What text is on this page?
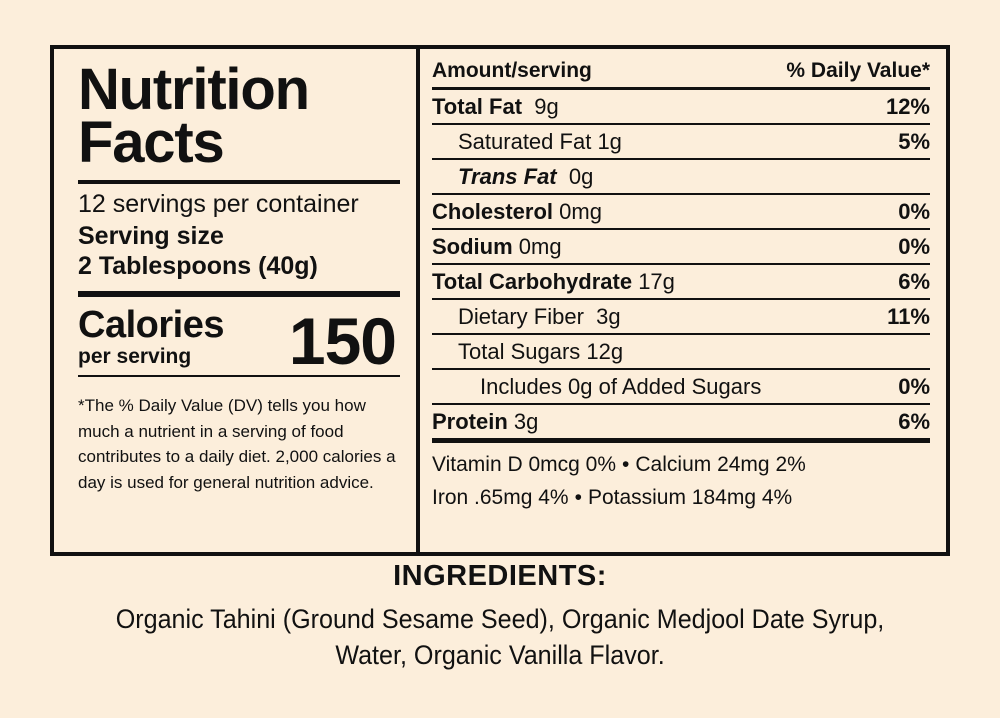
Nutrition
Facts
12 servings per container
Serving size
2 Tablespoons (40g)
Calories
per serving	150
*The % Daily Value (DV) tells you how much a nutrient in a serving of food contributes to a daily diet. 2,000 calories a day is used for general nutrition advice.
Amount/serving	% Daily Value*
Total Fat 9g	12%
Saturated Fat 1g	5%
Trans Fat 0g
Cholesterol 0mg	0%
Sodium 0mg	0%
Total Carbohydrate 17g	6%
Dietary Fiber 3g	11%
Total Sugars 12g
Includes 0g of Added Sugars	0%
Protein 3g	6%
Vitamin D 0mcg 0% • Calcium 24mg 2%
Iron .65mg 4% • Potassium 184mg 4%
INGREDIENTS:
Organic Tahini (Ground Sesame Seed), Organic Medjool Date Syrup,
Water, Organic Vanilla Flavor.
